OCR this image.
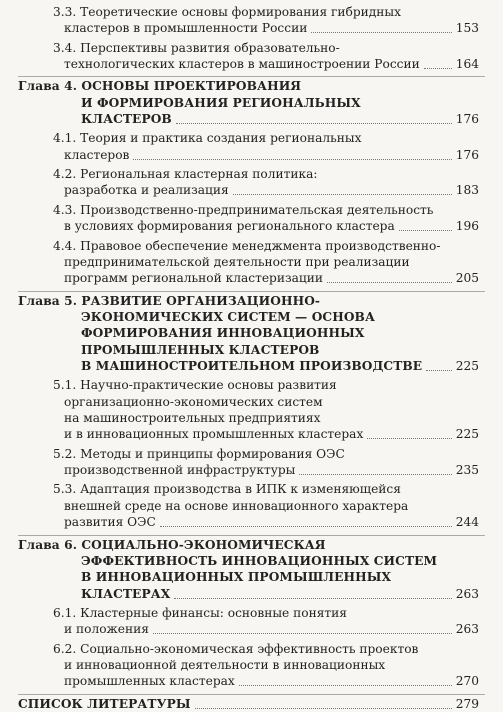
3.3. Теоретические основы формирования гибридных
кластеров в промышленности России	153
3.4. Перспективы развития образовательно-
технологических кластеров в машиностроении России	164
Глава 4. ОСНОВЫ ПРОЕКТИРОВАНИЯ
И ФОРМИРОВАНИЯ РЕГИОНАЛЬНЫХ
КЛАСТЕРОВ	176
4.1. Теория и практика создания региональных
кластеров	176
4.2. Региональная кластерная политика:
разработка и реализация	183
4.3. Производственно-предпринимательская деятельность
в условиях формирования регионального кластера	196
4.4. Правовое обеспечение менеджмента производственно-
предпринимательской деятельности при реализации
программ региональной кластеризации	205
Глава 5. РАЗВИТИЕ ОРГАНИЗАЦИОННО-
ЭКОНОМИЧЕСКИХ СИСТЕМ — ОСНОВА
ФОРМИРОВАНИЯ ИННОВАЦИОННЫХ
ПРОМЫШЛЕННЫХ КЛАСТЕРОВ
В МАШИНОСТРОИТЕЛЬНОМ ПРОИЗВОДСТВЕ	225
5.1. Научно-практические основы развития
организационно-экономических систем
на машиностроительных предприятиях
и в инновационных промышленных кластерах	225
5.2. Методы и принципы формирования ОЭС
производственной инфраструктуры	235
5.3. Адаптация производства в ИПК к изменяющейся
внешней среде на основе инновационного характера
развития ОЭС	244
Глава 6. СОЦИАЛЬНО-ЭКОНОМИЧЕСКАЯ
ЭФФЕКТИВНОСТЬ ИННОВАЦИОННЫХ СИСТЕМ
В ИННОВАЦИОННЫХ ПРОМЫШЛЕННЫХ
КЛАСТЕРАХ	263
6.1. Кластерные финансы: основные понятия
и положения	263
6.2. Социально-экономическая эффективность проектов
и инновационной деятельности в инновационных
промышленных кластерах	270
СПИСОК ЛИТЕРАТУРЫ	279
